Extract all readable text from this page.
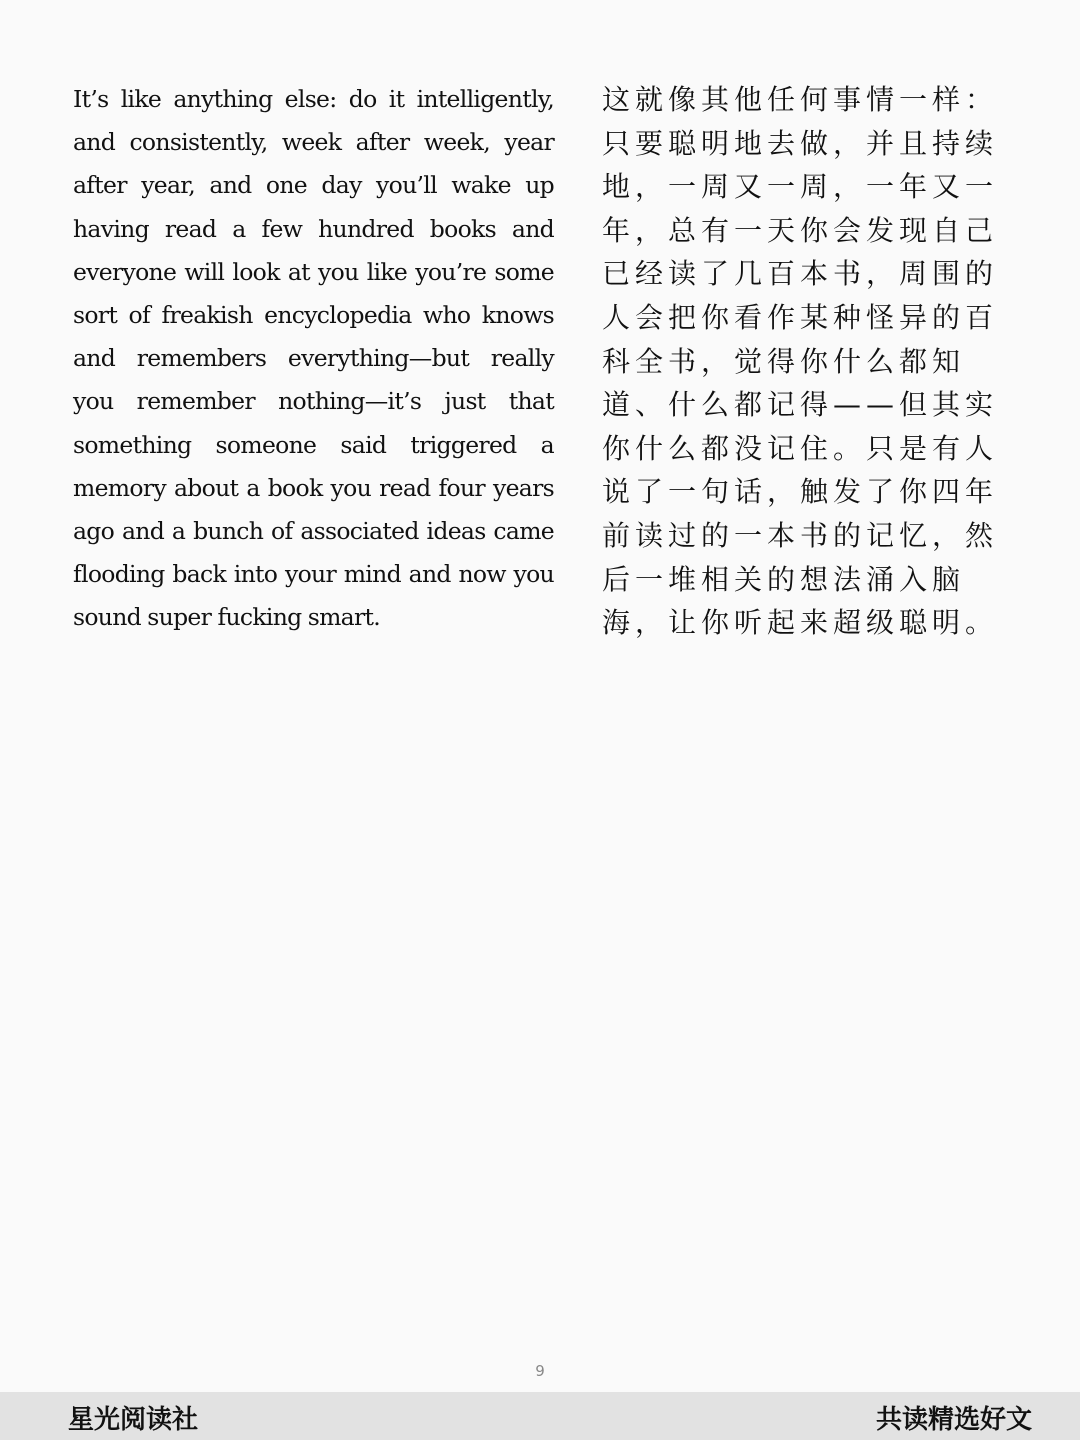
It’s like anything else: do it intelligently, and consistently, week after week, year after year, and one day you’ll wake up having read a few hundred books and everyone will look at you like you’re some sort of freakish encyclopedia who knows and remembers everything—but really you remember nothing—it’s just that something someone said triggered a memory about a book you read four years ago and a bunch of associated ideas came flooding back into your mind and now you sound super fucking smart.
这就像其他任何事情一样：只要聪明地去做，并且持续地，一周又一周，一年又一年，总有一天你会发现自己已经读了几百本书，周围的人会把你看作某种怪异的百科全书，觉得你什么都知道、什么都记得——但其实你什么都没记住。只是有人说了一句话，触发了你四年前读过的一本书的记忆，然后一堆相关的想法涌入脑海，让你听起来超级聪明。
9
星光阅读社	共读精选好文
